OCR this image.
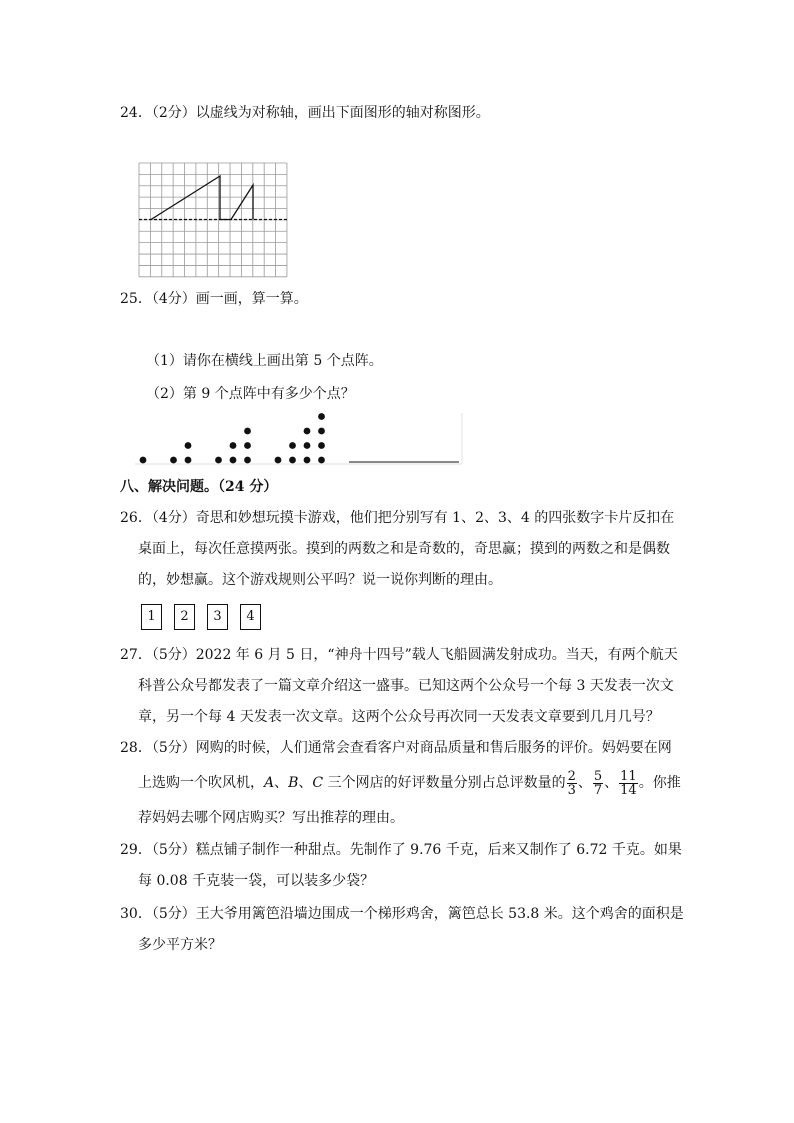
24．（2分）以虚线为对称轴，画出下面图形的轴对称图形。
25．（4分）画一画，算一算。
（1）请你在横线上画出第 5 个点阵。
（2）第 9 个点阵中有多少个点？
八、解决问题。（24 分）
26．（4分）奇思和妙想玩摸卡游戏，他们把分别写有 1、2、3、4 的四张数字卡片反扣在
桌面上，每次任意摸两张。摸到的两数之和是奇数的，奇思赢；摸到的两数之和是偶数
的，妙想赢。这个游戏规则公平吗？说一说你判断的理由。
1	2	3	4
27．（5分）2022 年 6 月 5 日，“神舟十四号”载人飞船圆满发射成功。当天，有两个航天
科普公众号都发表了一篇文章介绍这一盛事。已知这两个公众号一个每 3 天发表一次文
章，另一个每 4 天发表一次文章。这两个公众号再次同一天发表文章要到几月几号？
28．（5分）网购的时候，人们通常会查看客户对商品质量和售后服务的评价。妈妈要在网
上选购一个吹风机，A、B、C 三个网店的好评数量分别占总评数量的 $\frac{2}{3}$ 、 $\frac{5}{7}$ 、 $\frac{11}{14}$ 。你推
荐妈妈去哪个网店购买？写出推荐的理由。
29．（5分）糕点铺子制作一种甜点。先制作了 9.76 千克，后来又制作了 6.72 千克。如果
每 0.08 千克装一袋，可以装多少袋？
30．（5分）王大爷用篱笆沿墙边围成一个梯形鸡舍，篱笆总长 53.8 米。这个鸡舍的面积是
多少平方米？
